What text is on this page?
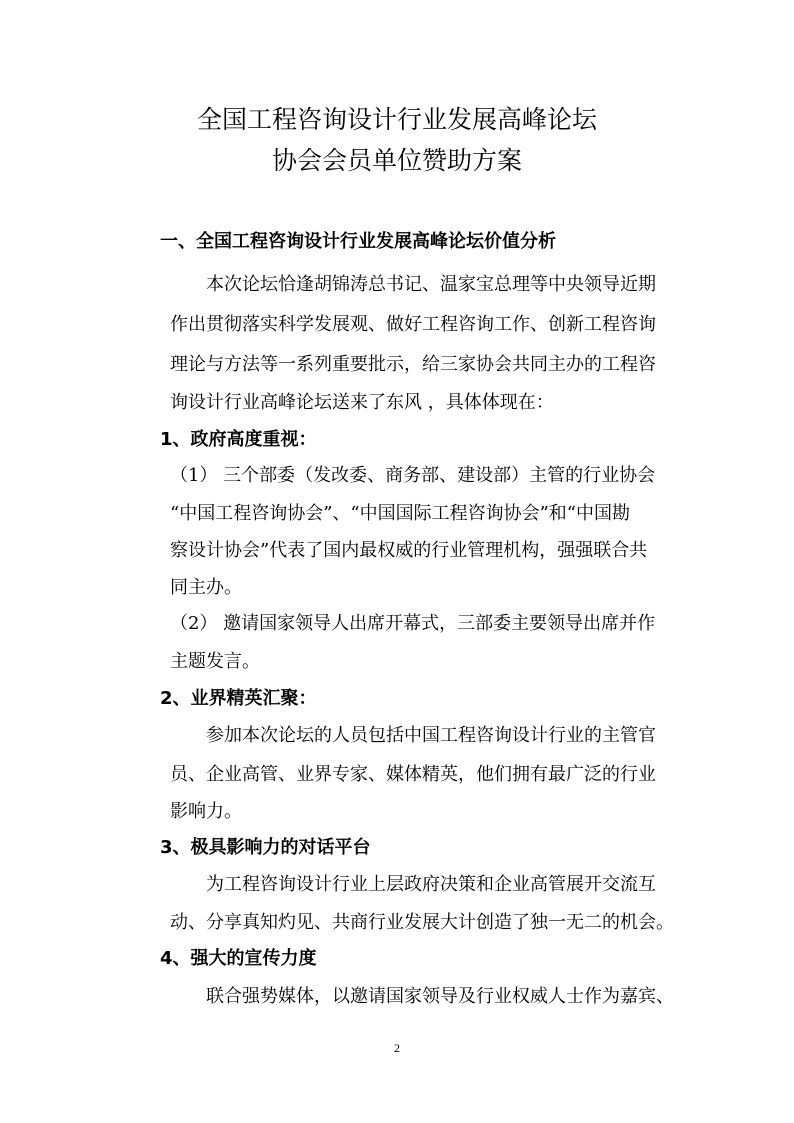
全国工程咨询设计行业发展高峰论坛
协会会员单位赞助方案
一、全国工程咨询设计行业发展高峰论坛价值分析
本次论坛恰逢胡锦涛总书记、温家宝总理等中央领导近期
作出贯彻落实科学发展观、做好工程咨询工作、创新工程咨询
理论与方法等一系列重要批示，给三家协会共同主办的工程咨
询设计行业高峰论坛送来了东风 ，具体体现在：
1、政府高度重视：
（1） 三个部委（发改委、商务部、建设部）主管的行业协会
“中国工程咨询协会”、“中国国际工程咨询协会”和“中国勘
察设计协会”代表了国内最权威的行业管理机构，强强联合共
同主办。
（2） 邀请国家领导人出席开幕式，三部委主要领导出席并作
主题发言。
2、业界精英汇聚：
参加本次论坛的人员包括中国工程咨询设计行业的主管官
员、企业高管、业界专家、媒体精英，他们拥有最广泛的行业
影响力。
3、极具影响力的对话平台
为工程咨询设计行业上层政府决策和企业高管展开交流互
动、分享真知灼见、共商行业发展大计创造了独一无二的机会。
4、强大的宣传力度
联合强势媒体，以邀请国家领导及行业权威人士作为嘉宾、
2
